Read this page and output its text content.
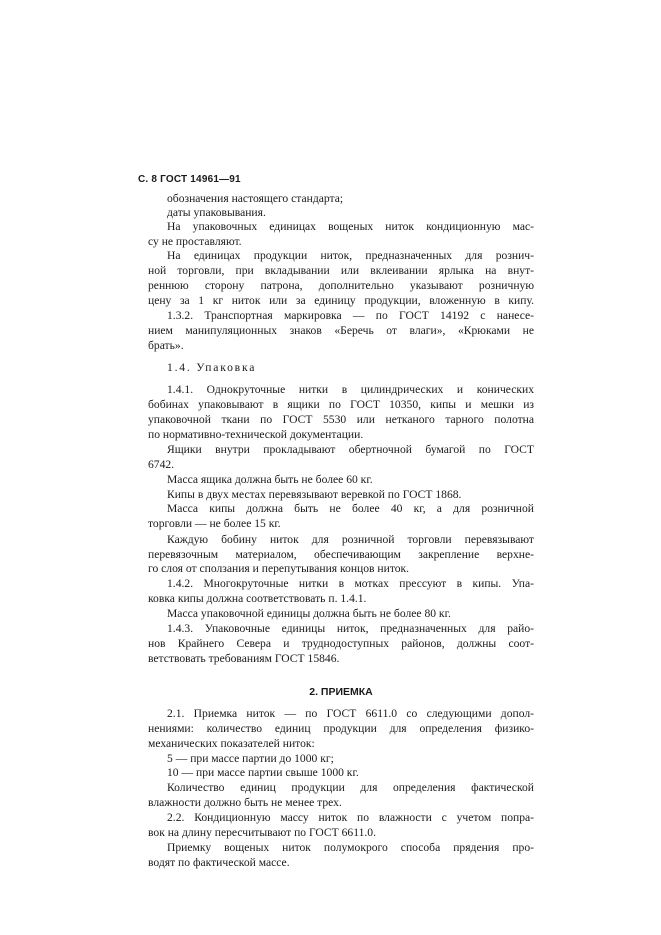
С. 8 ГОСТ 14961—91
обозначения настоящего стандарта;
даты упаковывания.
На упаковочных единицах вощеных ниток кондиционную мас-
су не проставляют.
На единицах продукции ниток, предназначенных для рознич-
ной торговли, при вкладывании или вклеивании ярлыка на внут-
реннюю сторону патрона, дополнительно указывают розничную
цену за 1 кг ниток или за единицу продукции, вложенную в кипу.
1.3.2. Транспортная маркировка — по ГОСТ 14192 с нанесе-
нием манипуляционных знаков «Беречь от влаги», «Крюками не
брать».
1.4. Упаковка
1.4.1. Однокруточные нитки в цилиндрических и конических
бобинах упаковывают в ящики по ГОСТ 10350, кипы и мешки из
упаковочной ткани по ГОСТ 5530 или нетканого тарного полотна
по нормативно-технической документации.
Ящики внутри прокладывают обертночной бумагой по ГОСТ
6742.
Масса ящика должна быть не более 60 кг.
Кипы в двух местах перевязывают веревкой по ГОСТ 1868.
Масса кипы должна быть не более 40 кг, а для розничной
торговли — не более 15 кг.
Каждую бобину ниток для розничной торговли перевязывают
перевязочным материалом, обеспечивающим закрепление верхне-
го слоя от сползания и перепутывания концов ниток.
1.4.2. Многокруточные нитки в мотках прессуют в кипы. Упа-
ковка кипы должна соответствовать п. 1.4.1.
Масса упаковочной единицы должна быть не более 80 кг.
1.4.3. Упаковочные единицы ниток, предназначенных для райо-
нов Крайнего Севера и труднодоступных районов, должны соот-
ветствовать требованиям ГОСТ 15846.
2.1. Приемка ниток — по ГОСТ 6611.0 со следующими допол-
нениями: количество единиц продукции для определения физико-
механических показателей ниток:
5 — при массе партии до 1000 кг;
10 — при массе партии свыше 1000 кг.
Количество единиц продукции для определения фактической
влажности должно быть не менее трех.
2.2. Кондиционную массу ниток по влажности с учетом попра-
вок на длину пересчитывают по ГОСТ 6611.0.
Приемку вощеных ниток полумокрого способа прядения про-
водят по фактической массе.
2. ПРИЕМКА
